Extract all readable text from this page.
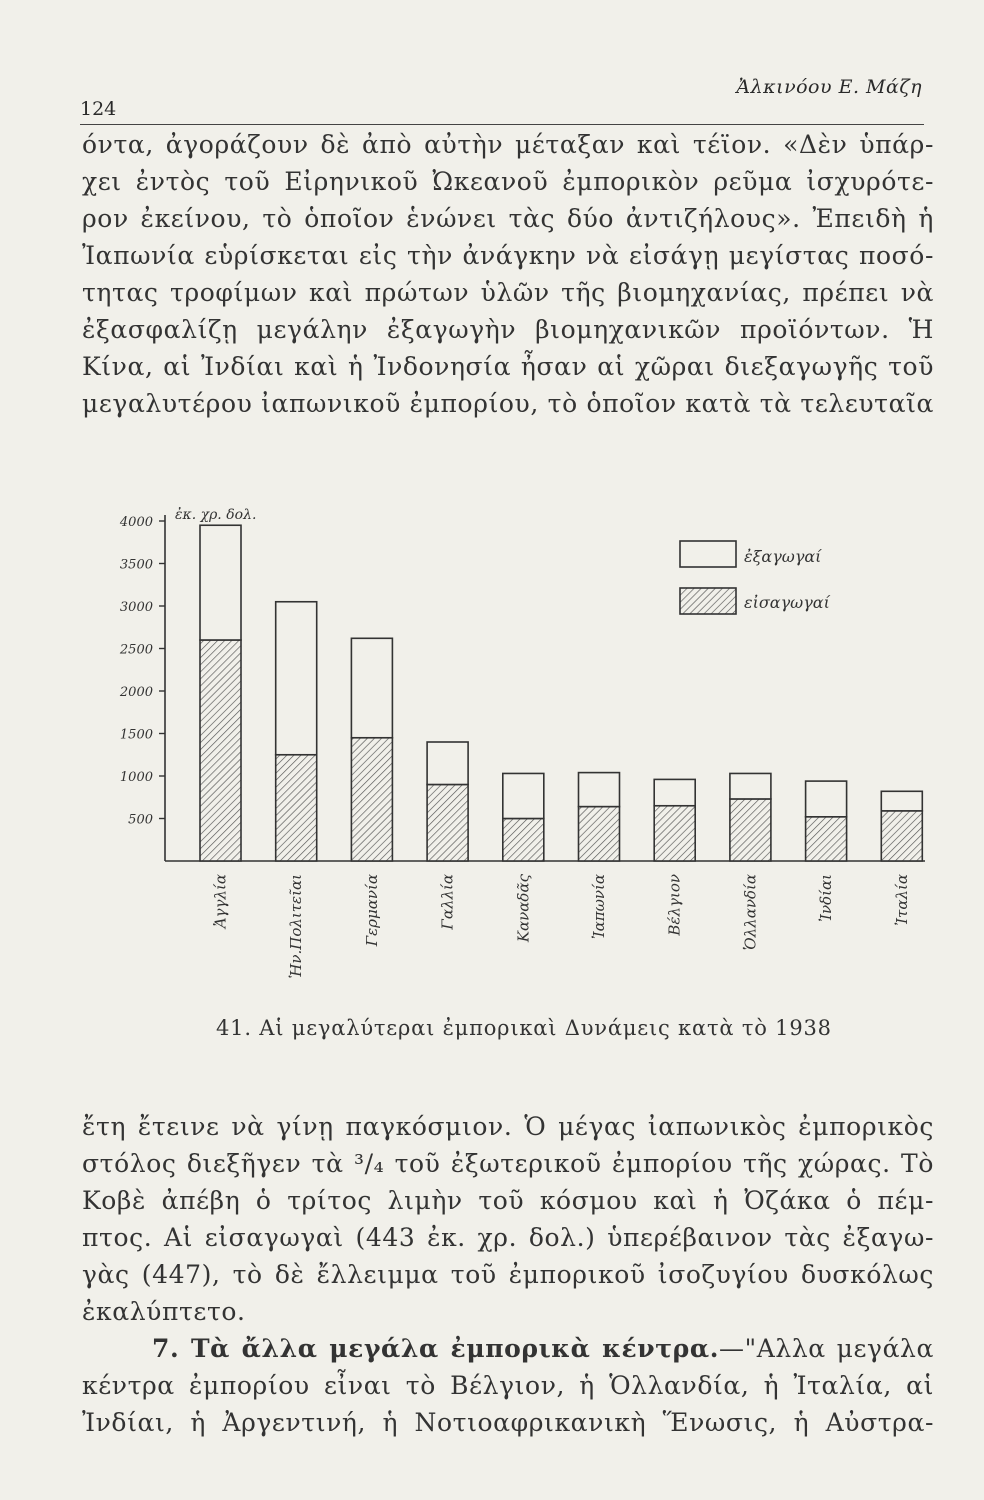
124
Ἀλκινόου Ε. Μάζη

όντα, ἀγοράζουν δὲ ἀπὸ αὐτὴν μέταξαν καὶ τέϊον. «Δὲν ὑπάρ-

χει ἐντὸς τοῦ Εἰρηνικοῦ Ὠκεανοῦ ἐμπορικὸν ρεῦμα ἰσχυρότε-

ρον ἐκείνου, τὸ ὁποῖον ἑνώνει τὰς δύο ἀντιζήλους». Ἐπειδὴ ἡ

Ἰαπωνία εὑρίσκεται εἰς τὴν ἀνάγκην νὰ εἰσάγῃ μεγίστας ποσό-

τητας τροφίμων καὶ πρώτων ὑλῶν τῆς βιομηχανίας, πρέπει νὰ

ἐξασφαλίζῃ μεγάλην ἐξαγωγὴν βιομηχανικῶν προϊόντων. Ἡ

Κίνα, αἱ Ἰνδίαι καὶ ἡ Ἰνδονησία ἦσαν αἱ χῶραι διεξαγωγῆς τοῦ

μεγαλυτέρου ἰαπωνικοῦ ἐμπορίου, τὸ ὁποῖον κατὰ τὰ τελευταῖα

500
1000
1500
2000
2500
3000
3500
4000 ἐκ. χρ. δολ.
Ἀγγλία	Ἡν.Πολιτεῖαι	Γερμανία	Γαλλία	Καναδᾶς	Ἰαπωνία	Βέλγιον	Ὁλλανδία	Ἰνδίαι	Ἰταλία
ἐξαγωγαί
εἰσαγωγαί
41. Αἱ μεγαλύτεραι ἐμπορικαὶ Δυνάμεις κατὰ τὸ 1938

ἔτη ἔτεινε νὰ γίνῃ παγκόσμιον. Ὁ μέγας ἰαπωνικὸς ἐμπορικὸς

στόλος διεξῆγεν τὰ ³/₄ τοῦ ἐξωτερικοῦ ἐμπορίου τῆς χώρας. Τὸ

Κοβὲ ἀπέβη ὁ τρίτος λιμὴν τοῦ κόσμου καὶ ἡ Ὀζάκα ὁ πέμ-

πτος. Αἱ εἰσαγωγαὶ (443 ἐκ. χρ. δολ.) ὑπερέβαινον τὰς ἐξαγω-

γὰς (447), τὸ δὲ ἔλλειμμα τοῦ ἐμπορικοῦ ἰσοζυγίου δυσκόλως

ἐκαλύπτετο.

7. Τὰ ἄλλα μεγάλα ἐμπορικὰ κέντρα.—"Αλλα μεγάλα

κέντρα ἐμπορίου εἶναι τὸ Βέλγιον, ἡ Ὁλλανδία, ἡ Ἰταλία, αἱ

Ἰνδίαι, ἡ Ἀργεντινή, ἡ Νοτιοαφρικανικὴ Ἕνωσις, ἡ Αὐστρα-
